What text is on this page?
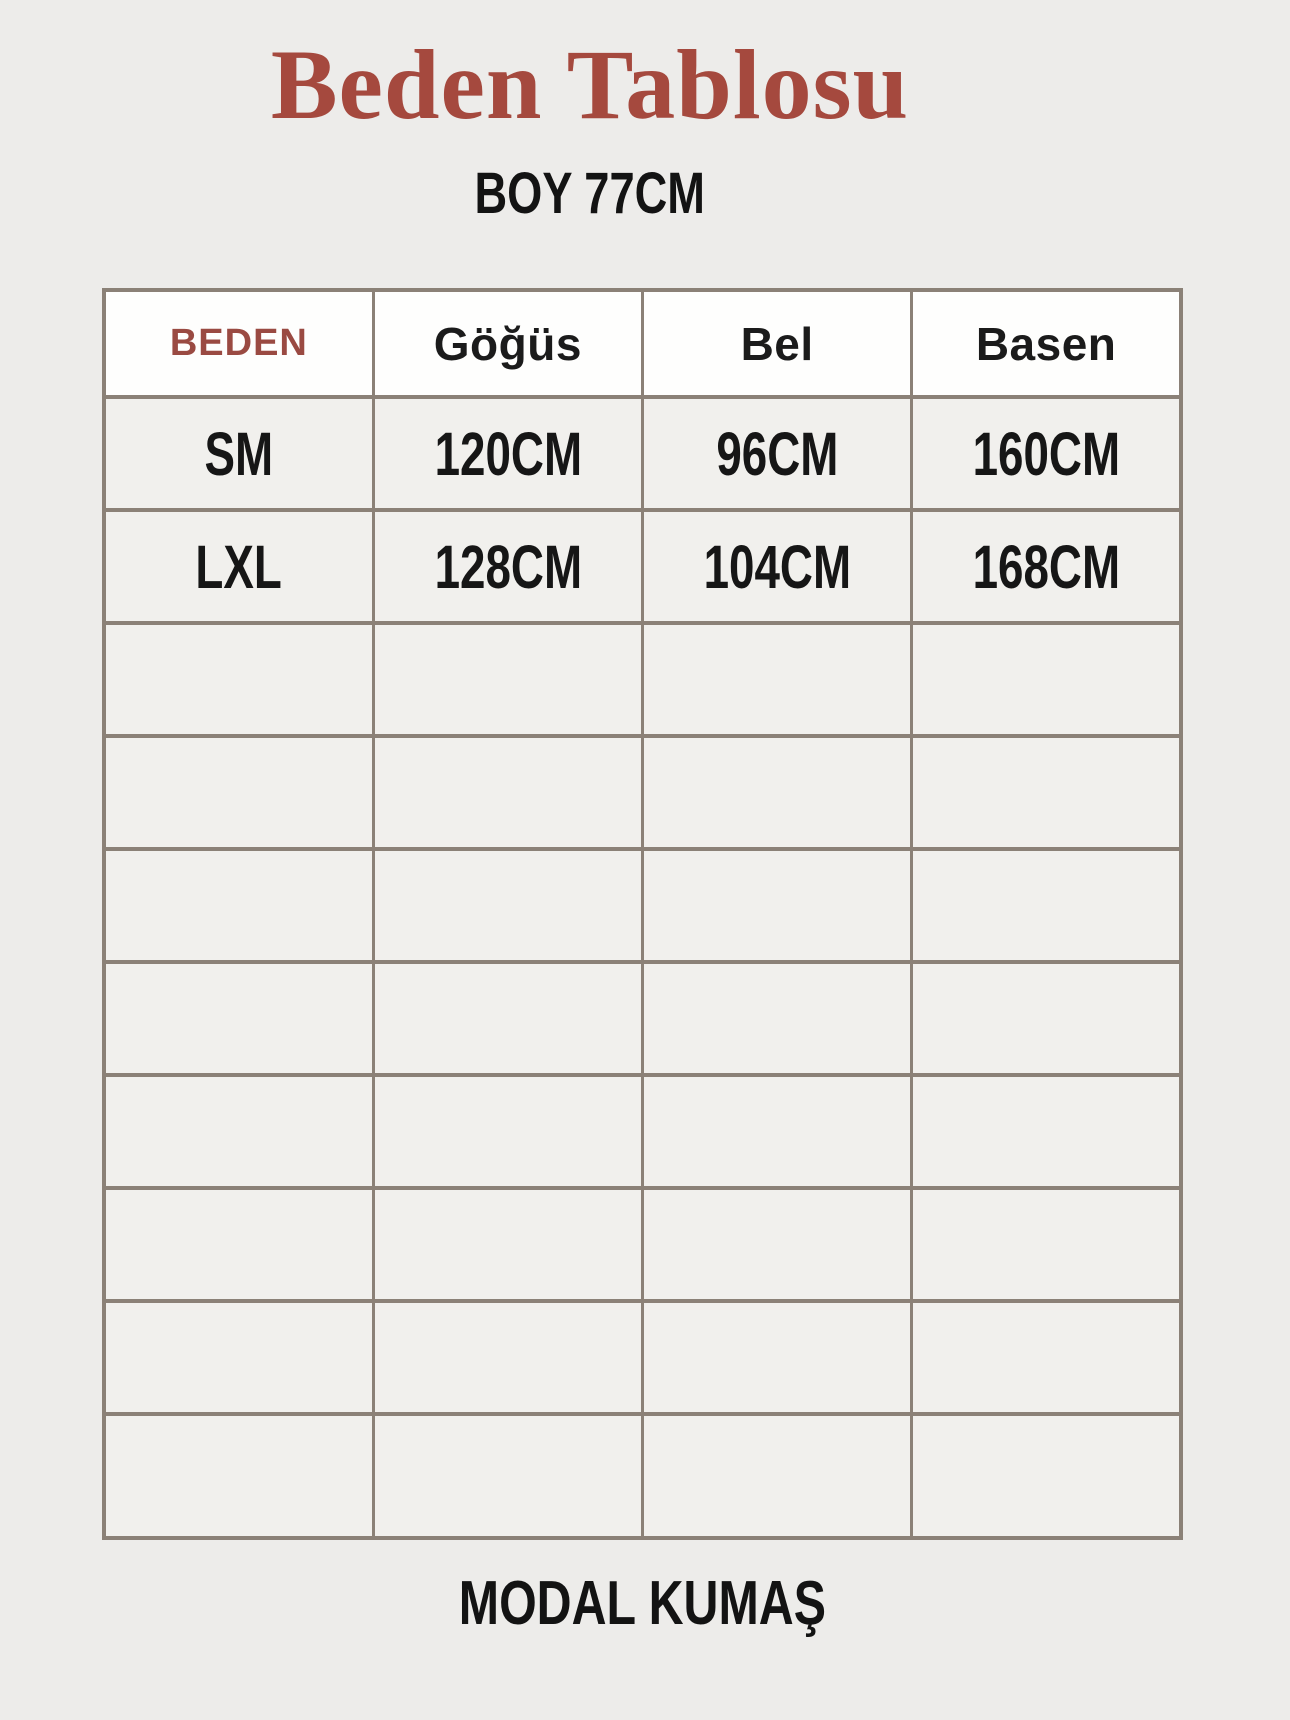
Beden Tablosu
BOY 77CM
BEDEN	Göğüs	Bel	Basen
SM	120CM	96CM	160CM
LXL	128CM	104CM	168CM

MODAL KUMAŞ
